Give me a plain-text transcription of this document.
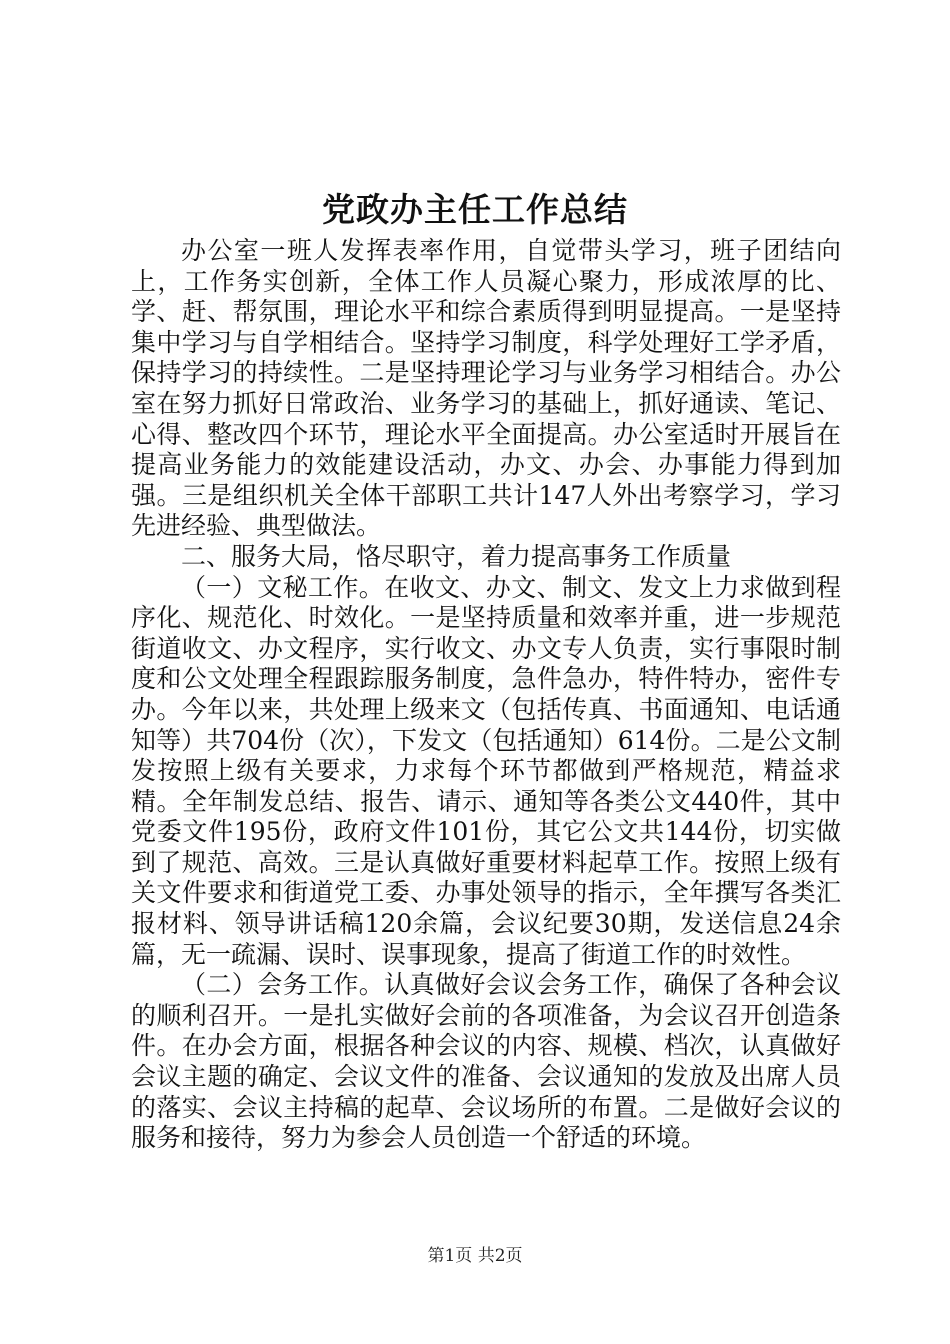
党政办主任工作总结

办公室一班人发挥表率作用，自觉带头学习，班子团结向上，工作务实创新，全体工作人员凝心聚力，形成浓厚的比、学、赶、帮氛围，理论水平和综合素质得到明显提高。一是坚持集中学习与自学相结合。坚持学习制度，科学处理好工学矛盾，保持学习的持续性。二是坚持理论学习与业务学习相结合。办公室在努力抓好日常政治、业务学习的基础上，抓好通读、笔记、心得、整改四个环节，理论水平全面提高。办公室适时开展旨在提高业务能力的效能建设活动，办文、办会、办事能力得到加强。三是组织机关全体干部职工共计147人外出考察学习，学习先进经验、典型做法。

二、服务大局，恪尽职守，着力提高事务工作质量

（一）文秘工作。在收文、办文、制文、发文上力求做到程序化、规范化、时效化。一是坚持质量和效率并重，进一步规范街道收文、办文程序，实行收文、办文专人负责，实行事限时制度和公文处理全程跟踪服务制度，急件急办，特件特办，密件专办。今年以来，共处理上级来文（包括传真、书面通知、电话通知等）共704份（次），下发文（包括通知）614份。二是公文制发按照上级有关要求，力求每个环节都做到严格规范，精益求精。全年制发总结、报告、请示、通知等各类公文440件，其中党委文件195份，政府文件101份，其它公文共144份，切实做到了规范、高效。三是认真做好重要材料起草工作。按照上级有关文件要求和街道党工委、办事处领导的指示，全年撰写各类汇报材料、领导讲话稿120余篇，会议纪要30期，发送信息24余篇，无一疏漏、误时、误事现象，提高了街道工作的时效性。

（二）会务工作。认真做好会议会务工作，确保了各种会议的顺利召开。一是扎实做好会前的各项准备，为会议召开创造条件。在办会方面，根据各种会议的内容、规模、档次，认真做好会议主题的确定、会议文件的准备、会议通知的发放及出席人员的落实、会议主持稿的起草、会议场所的布置。二是做好会议的服务和接待，努力为参会人员创造一个舒适的环境。

第1页 共2页
